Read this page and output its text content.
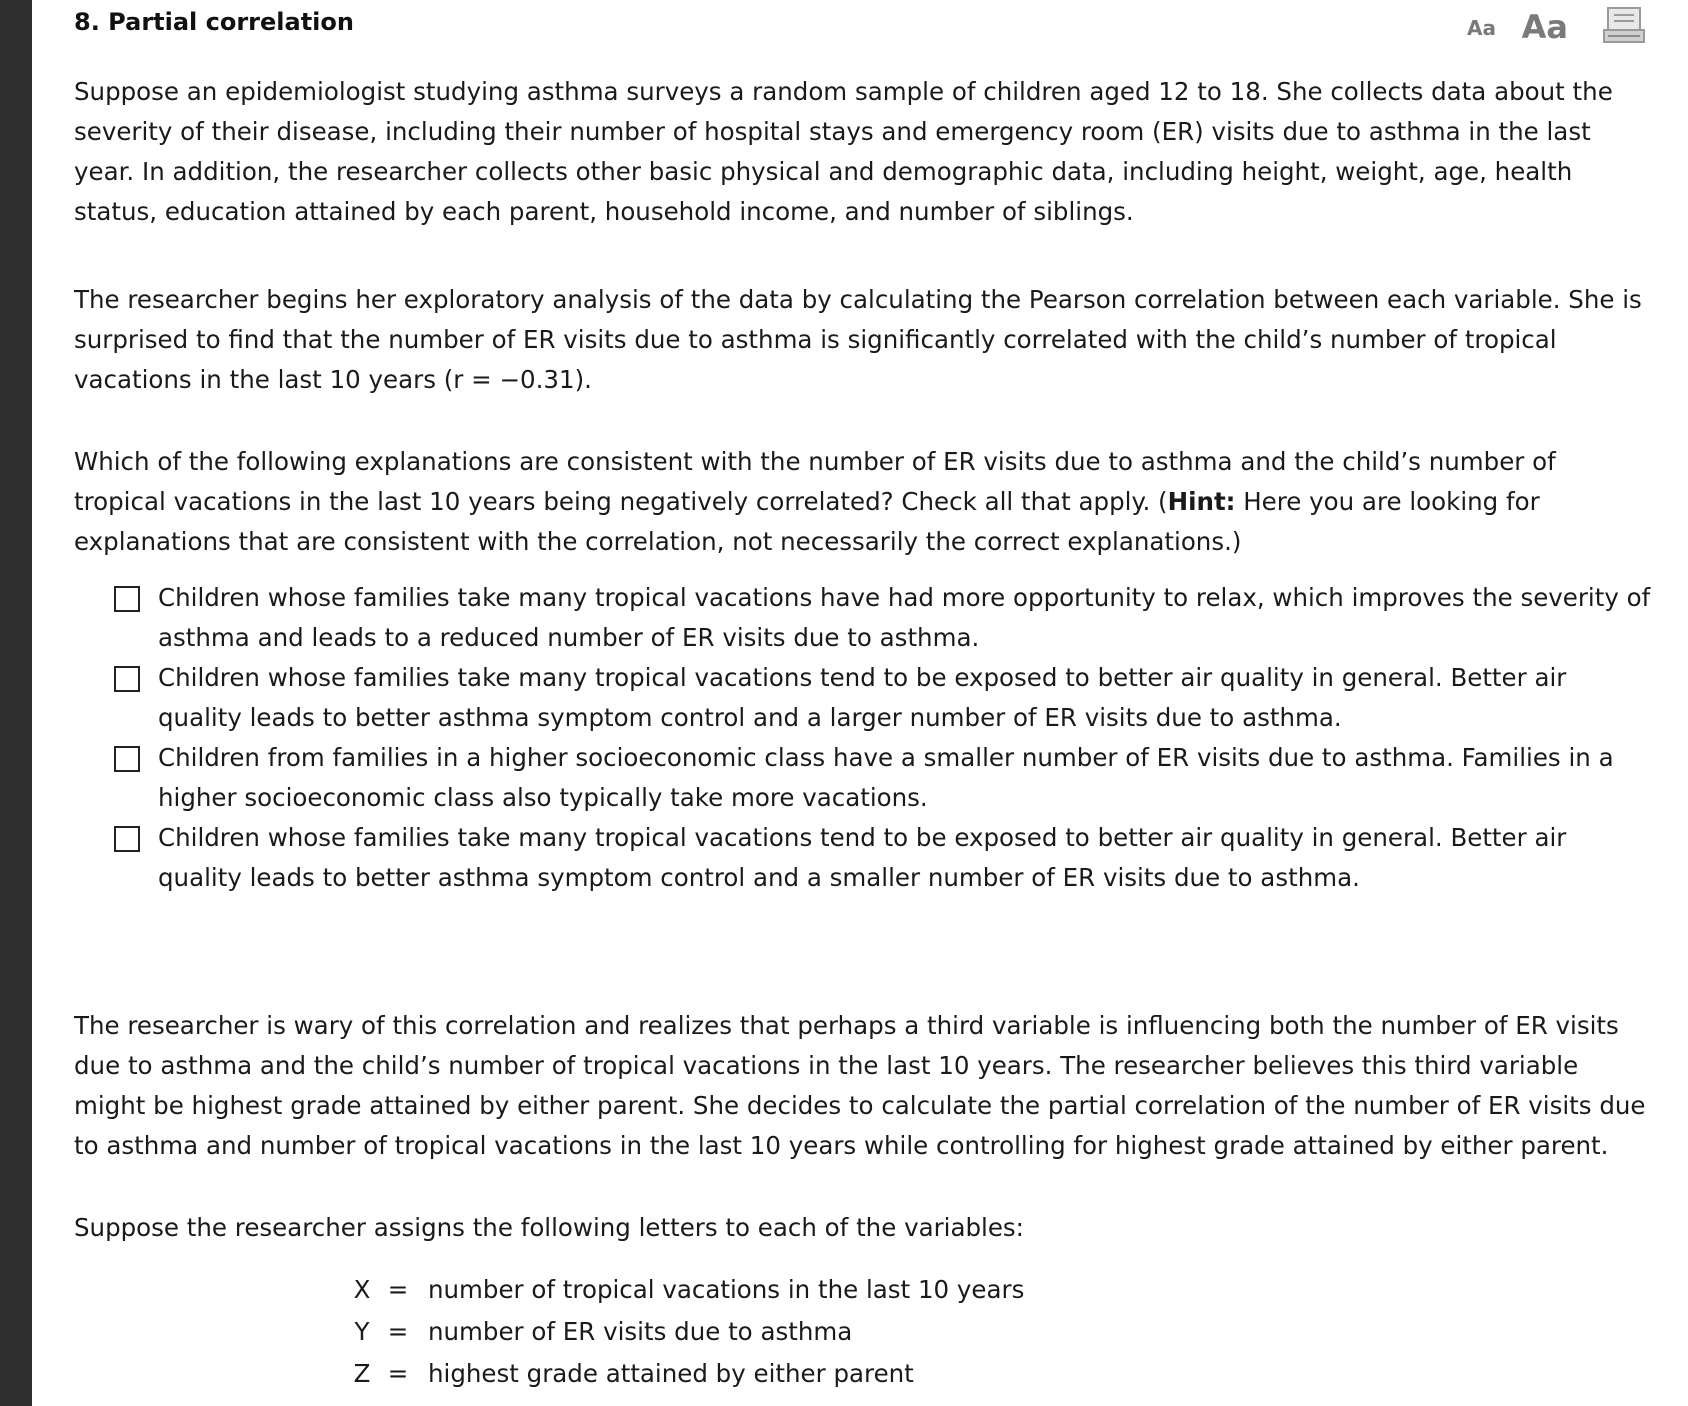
8. Partial correlation	Aa Aa

Suppose an epidemiologist studying asthma surveys a random sample of children aged 12 to 18. She collects data about the severity of their disease, including their number of hospital stays and emergency room (ER) visits due to asthma in the last year. In addition, the researcher collects other basic physical and demographic data, including height, weight, age, health status, education attained by each parent, household income, and number of siblings.

The researcher begins her exploratory analysis of the data by calculating the Pearson correlation between each variable. She is surprised to find that the number of ER visits due to asthma is significantly correlated with the child’s number of tropical vacations in the last 10 years (r = −0.31).

Which of the following explanations are consistent with the number of ER visits due to asthma and the child’s number of tropical vacations in the last 10 years being negatively correlated? Check all that apply. (Hint: Here you are looking for explanations that are consistent with the correlation, not necessarily the correct explanations.)

Children whose families take many tropical vacations have had more opportunity to relax, which improves the severity of asthma and leads to a reduced number of ER visits due to asthma.
Children whose families take many tropical vacations tend to be exposed to better air quality in general. Better air quality leads to better asthma symptom control and a larger number of ER visits due to asthma.
Children from families in a higher socioeconomic class have a smaller number of ER visits due to asthma. Families in a higher socioeconomic class also typically take more vacations.
Children whose families take many tropical vacations tend to be exposed to better air quality in general. Better air quality leads to better asthma symptom control and a smaller number of ER visits due to asthma.

The researcher is wary of this correlation and realizes that perhaps a third variable is influencing both the number of ER visits due to asthma and the child’s number of tropical vacations in the last 10 years. The researcher believes this third variable might be highest grade attained by either parent. She decides to calculate the partial correlation of the number of ER visits due to asthma and number of tropical vacations in the last 10 years while controlling for highest grade attained by either parent.

Suppose the researcher assigns the following letters to each of the variables:

X = number of tropical vacations in the last 10 years
Y = number of ER visits due to asthma
Z = highest grade attained by either parent
